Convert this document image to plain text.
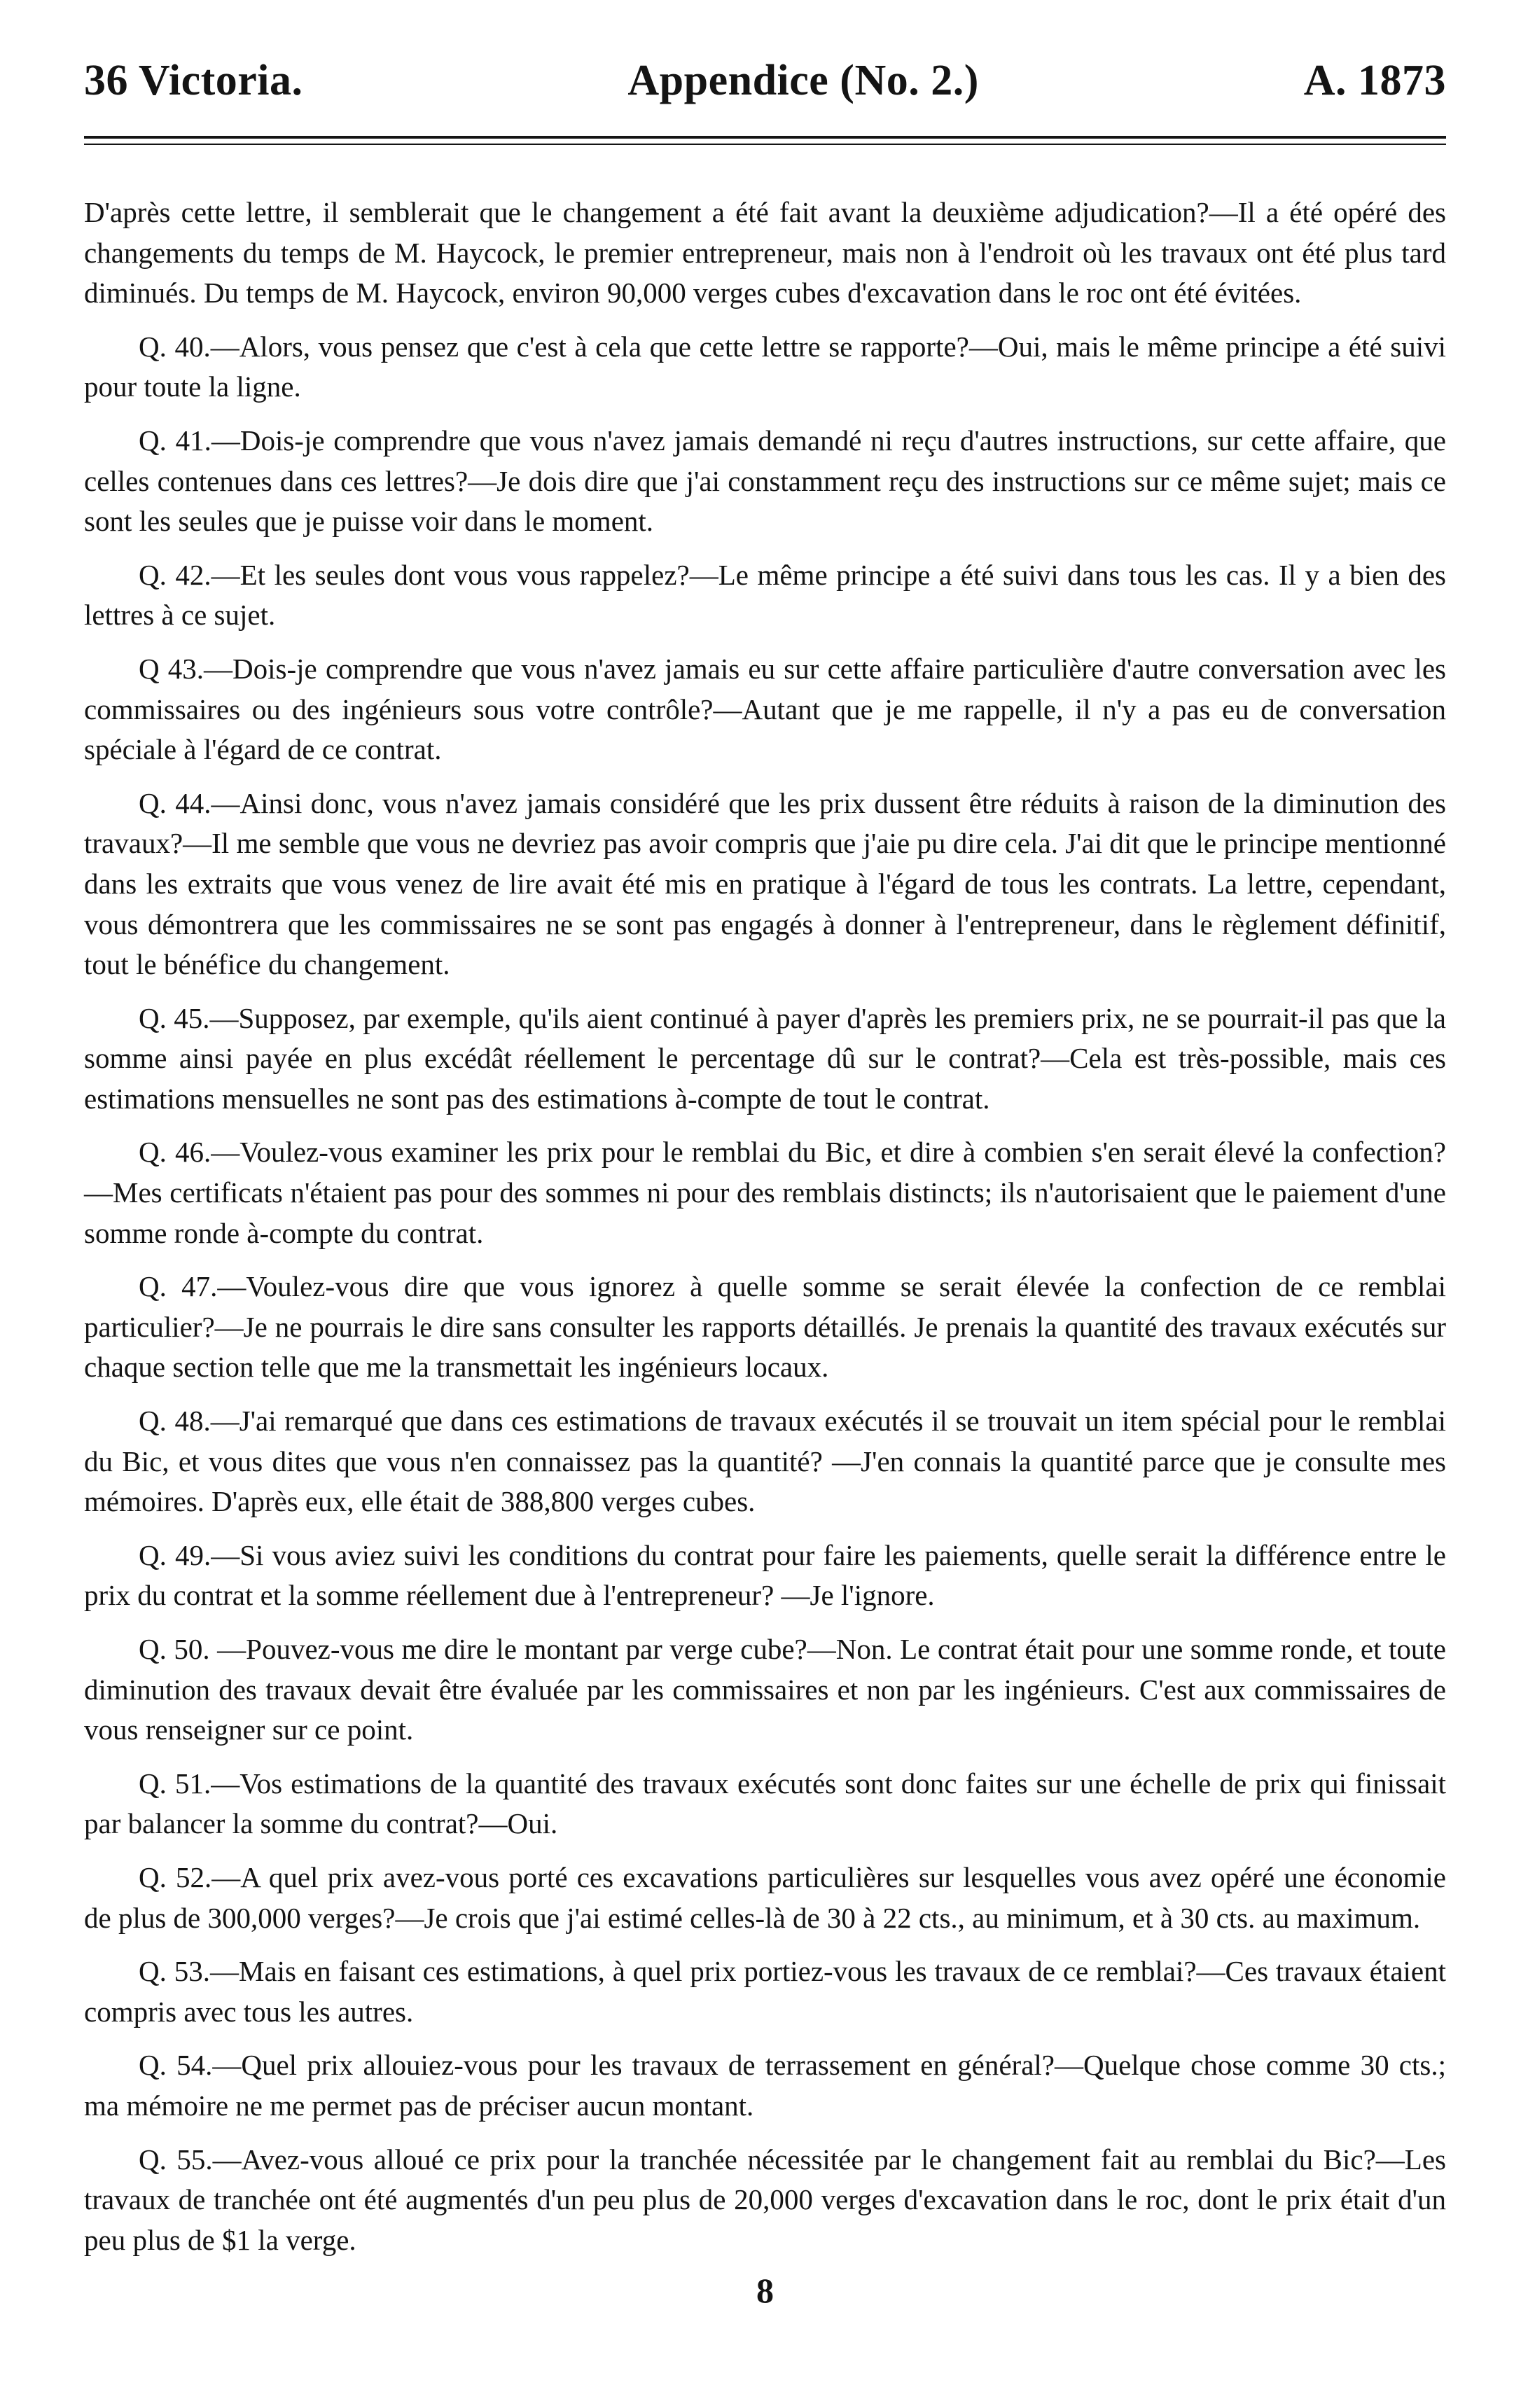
36 Victoria.	Appendice (No. 2.)	A. 1873

D'après cette lettre, il semblerait que le changement a été fait avant la deuxième adjudication?—Il a été opéré des changements du temps de M. Haycock, le premier entrepreneur, mais non à l'endroit où les travaux ont été plus tard diminués. Du temps de M. Haycock, environ 90,000 verges cubes d'excavation dans le roc ont été évitées.

Q. 40.—Alors, vous pensez que c'est à cela que cette lettre se rapporte?—Oui, mais le même principe a été suivi pour toute la ligne.

Q. 41.—Dois-je comprendre que vous n'avez jamais demandé ni reçu d'autres instructions, sur cette affaire, que celles contenues dans ces lettres?—Je dois dire que j'ai constamment reçu des instructions sur ce même sujet; mais ce sont les seules que je puisse voir dans le moment.

Q. 42.—Et les seules dont vous vous rappelez?—Le même principe a été suivi dans tous les cas. Il y a bien des lettres à ce sujet.

Q 43.—Dois-je comprendre que vous n'avez jamais eu sur cette affaire particulière d'autre conversation avec les commissaires ou des ingénieurs sous votre contrôle?—Autant que je me rappelle, il n'y a pas eu de conversation spéciale à l'égard de ce contrat.

Q. 44.—Ainsi donc, vous n'avez jamais considéré que les prix dussent être réduits à raison de la diminution des travaux?—Il me semble que vous ne devriez pas avoir compris que j'aie pu dire cela. J'ai dit que le principe mentionné dans les extraits que vous venez de lire avait été mis en pratique à l'égard de tous les contrats. La lettre, cependant, vous démontrera que les commissaires ne se sont pas engagés à donner à l'entrepreneur, dans le règlement définitif, tout le bénéfice du changement.

Q. 45.—Supposez, par exemple, qu'ils aient continué à payer d'après les premiers prix, ne se pourrait-il pas que la somme ainsi payée en plus excédât réellement le percentage dû sur le contrat?—Cela est très-possible, mais ces estimations mensuelles ne sont pas des estimations à-compte de tout le contrat.

Q. 46.—Voulez-vous examiner les prix pour le remblai du Bic, et dire à combien s'en serait élevé la confection?—Mes certificats n'étaient pas pour des sommes ni pour des remblais distincts; ils n'autorisaient que le paiement d'une somme ronde à-compte du contrat.

Q. 47.—Voulez-vous dire que vous ignorez à quelle somme se serait élevée la confection de ce remblai particulier?—Je ne pourrais le dire sans consulter les rapports détaillés. Je prenais la quantité des travaux exécutés sur chaque section telle que me la transmettait les ingénieurs locaux.

Q. 48.—J'ai remarqué que dans ces estimations de travaux exécutés il se trouvait un item spécial pour le remblai du Bic, et vous dites que vous n'en connaissez pas la quantité? —J'en connais la quantité parce que je consulte mes mémoires. D'après eux, elle était de 388,800 verges cubes.

Q. 49.—Si vous aviez suivi les conditions du contrat pour faire les paiements, quelle serait la différence entre le prix du contrat et la somme réellement due à l'entrepreneur? —Je l'ignore.

Q. 50. —Pouvez-vous me dire le montant par verge cube?—Non. Le contrat était pour une somme ronde, et toute diminution des travaux devait être évaluée par les commissaires et non par les ingénieurs. C'est aux commissaires de vous renseigner sur ce point.

Q. 51.—Vos estimations de la quantité des travaux exécutés sont donc faites sur une échelle de prix qui finissait par balancer la somme du contrat?—Oui.

Q. 52.—A quel prix avez-vous porté ces excavations particulières sur lesquelles vous avez opéré une économie de plus de 300,000 verges?—Je crois que j'ai estimé celles-là de 30 à 22 cts., au minimum, et à 30 cts. au maximum.

Q. 53.—Mais en faisant ces estimations, à quel prix portiez-vous les travaux de ce remblai?—Ces travaux étaient compris avec tous les autres.

Q. 54.—Quel prix allouiez-vous pour les travaux de terrassement en général?—Quelque chose comme 30 cts.; ma mémoire ne me permet pas de préciser aucun montant.

Q. 55.—Avez-vous alloué ce prix pour la tranchée nécessitée par le changement fait au remblai du Bic?—Les travaux de tranchée ont été augmentés d'un peu plus de 20,000 verges d'excavation dans le roc, dont le prix était d'un peu plus de $1 la verge.

8
